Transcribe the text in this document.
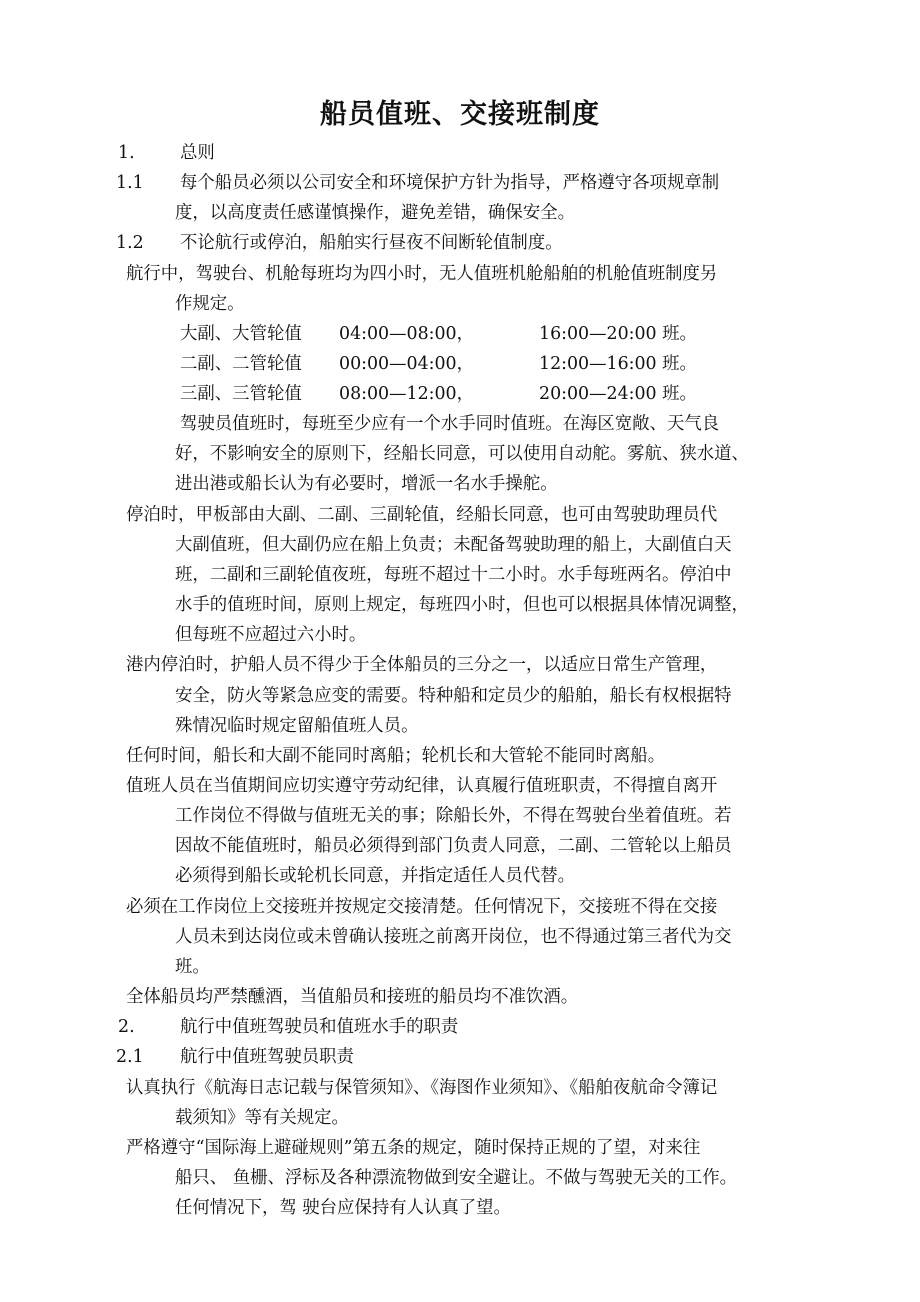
船员值班、交接班制度
1.	总则
1.1 每个船员必须以公司安全和环境保护方针为指导，严格遵守各项规章制
度，以高度责任感谨慎操作，避免差错，确保安全。
1.2 不论航行或停泊，船舶实行昼夜不间断轮值制度。
航行中，驾驶台、机舱每班均为四小时，无人值班机舱船舶的机舱值班制度另
作规定。
大副、大管轮值 04:00—08:00，	16:00—20:00 班。
二副、二管轮值 00:00—04:00，	12:00—16:00 班。
三副、三管轮值 08:00—12:00，	20:00—24:00 班。
驾驶员值班时，每班至少应有一个水手同时值班。在海区宽敞、天气良
好，不影响安全的原则下，经船长同意，可以使用自动舵。雾航、狭水道、
进出港或船长认为有必要时，增派一名水手操舵。
停泊时，甲板部由大副、二副、三副轮值，经船长同意，也可由驾驶助理员代
大副值班，但大副仍应在船上负责；未配备驾驶助理的船上，大副值白天
班，二副和三副轮值夜班，每班不超过十二小时。水手每班两名。停泊中
水手的值班时间，原则上规定，每班四小时，但也可以根据具体情况调整，
但每班不应超过六小时。
港内停泊时，护船人员不得少于全体船员的三分之一，以适应日常生产管理，
安全，防火等紧急应变的需要。特种船和定员少的船舶，船长有权根据特
殊情况临时规定留船值班人员。
任何时间，船长和大副不能同时离船；轮机长和大管轮不能同时离船。
值班人员在当值期间应切实遵守劳动纪律，认真履行值班职责，不得擅自离开
工作岗位不得做与值班无关的事；除船长外，不得在驾驶台坐着值班。若
因故不能值班时，船员必须得到部门负责人同意，二副、二管轮以上船员
必须得到船长或轮机长同意，并指定适任人员代替。
必须在工作岗位上交接班并按规定交接清楚。任何情况下，交接班不得在交接
人员未到达岗位或未曾确认接班之前离开岗位，也不得通过第三者代为交
班。
全体船员均严禁醺酒，当值船员和接班的船员均不准饮酒。
2.	航行中值班驾驶员和值班水手的职责
2.1 航行中值班驾驶员职责
认真执行《航海日志记载与保管须知》、《海图作业须知》、《船舶夜航命令簿记
载须知》等有关规定。
严格遵守“国际海上避碰规则”第五条的规定，随时保持正规的了望，对来往
船只、 鱼栅、浮标及各种漂流物做到安全避让。不做与驾驶无关的工作。
任何情况下，驾 驶台应保持有人认真了望。
